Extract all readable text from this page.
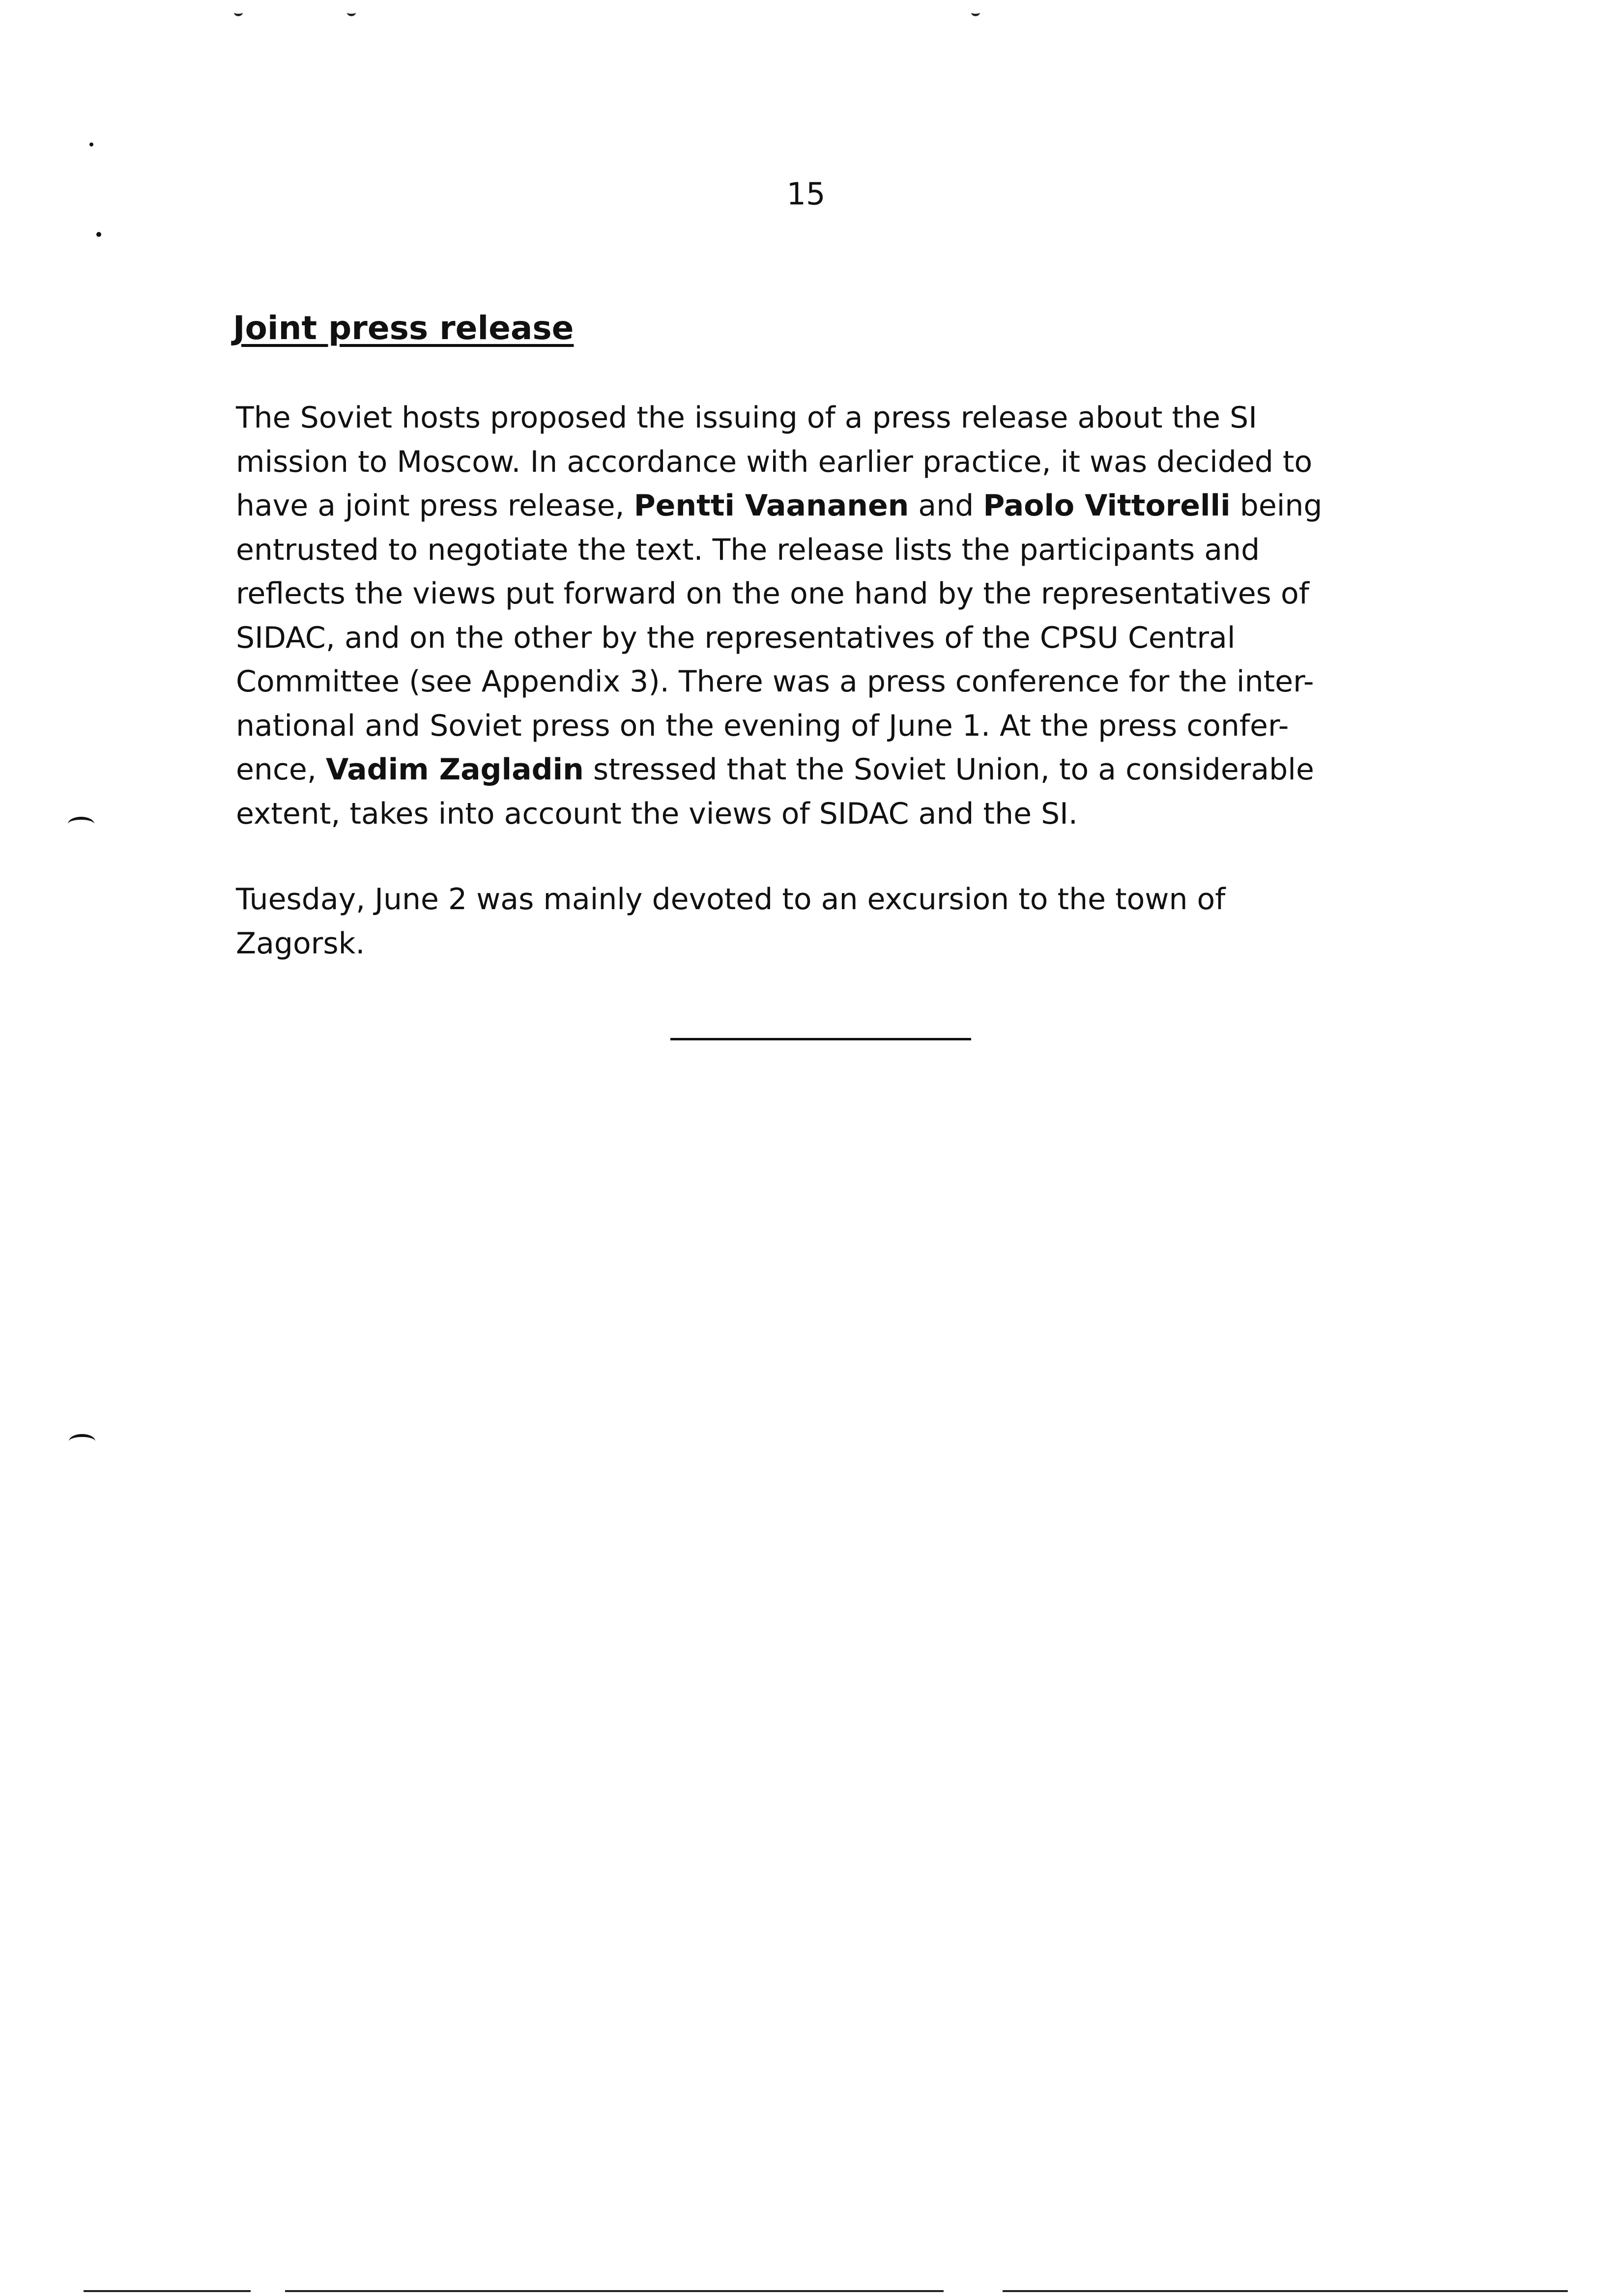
15
Joint press release
The Soviet hosts proposed the issuing of a press release about the SI
mission to Moscow. In accordance with earlier practice, it was decided to
have a joint press release, Pentti Vaananen and Paolo Vittorelli being
entrusted to negotiate the text. The release lists the participants and
reflects the views put forward on the one hand by the representatives of
SIDAC, and on the other by the representatives of the CPSU Central
Committee (see Appendix 3). There was a press conference for the inter-
national and Soviet press on the evening of June 1. At the press confer-
ence, Vadim Zagladin stressed that the Soviet Union, to a considerable
extent, takes into account the views of SIDAC and the SI.
Tuesday, June 2 was mainly devoted to an excursion to the town of
Zagorsk.
